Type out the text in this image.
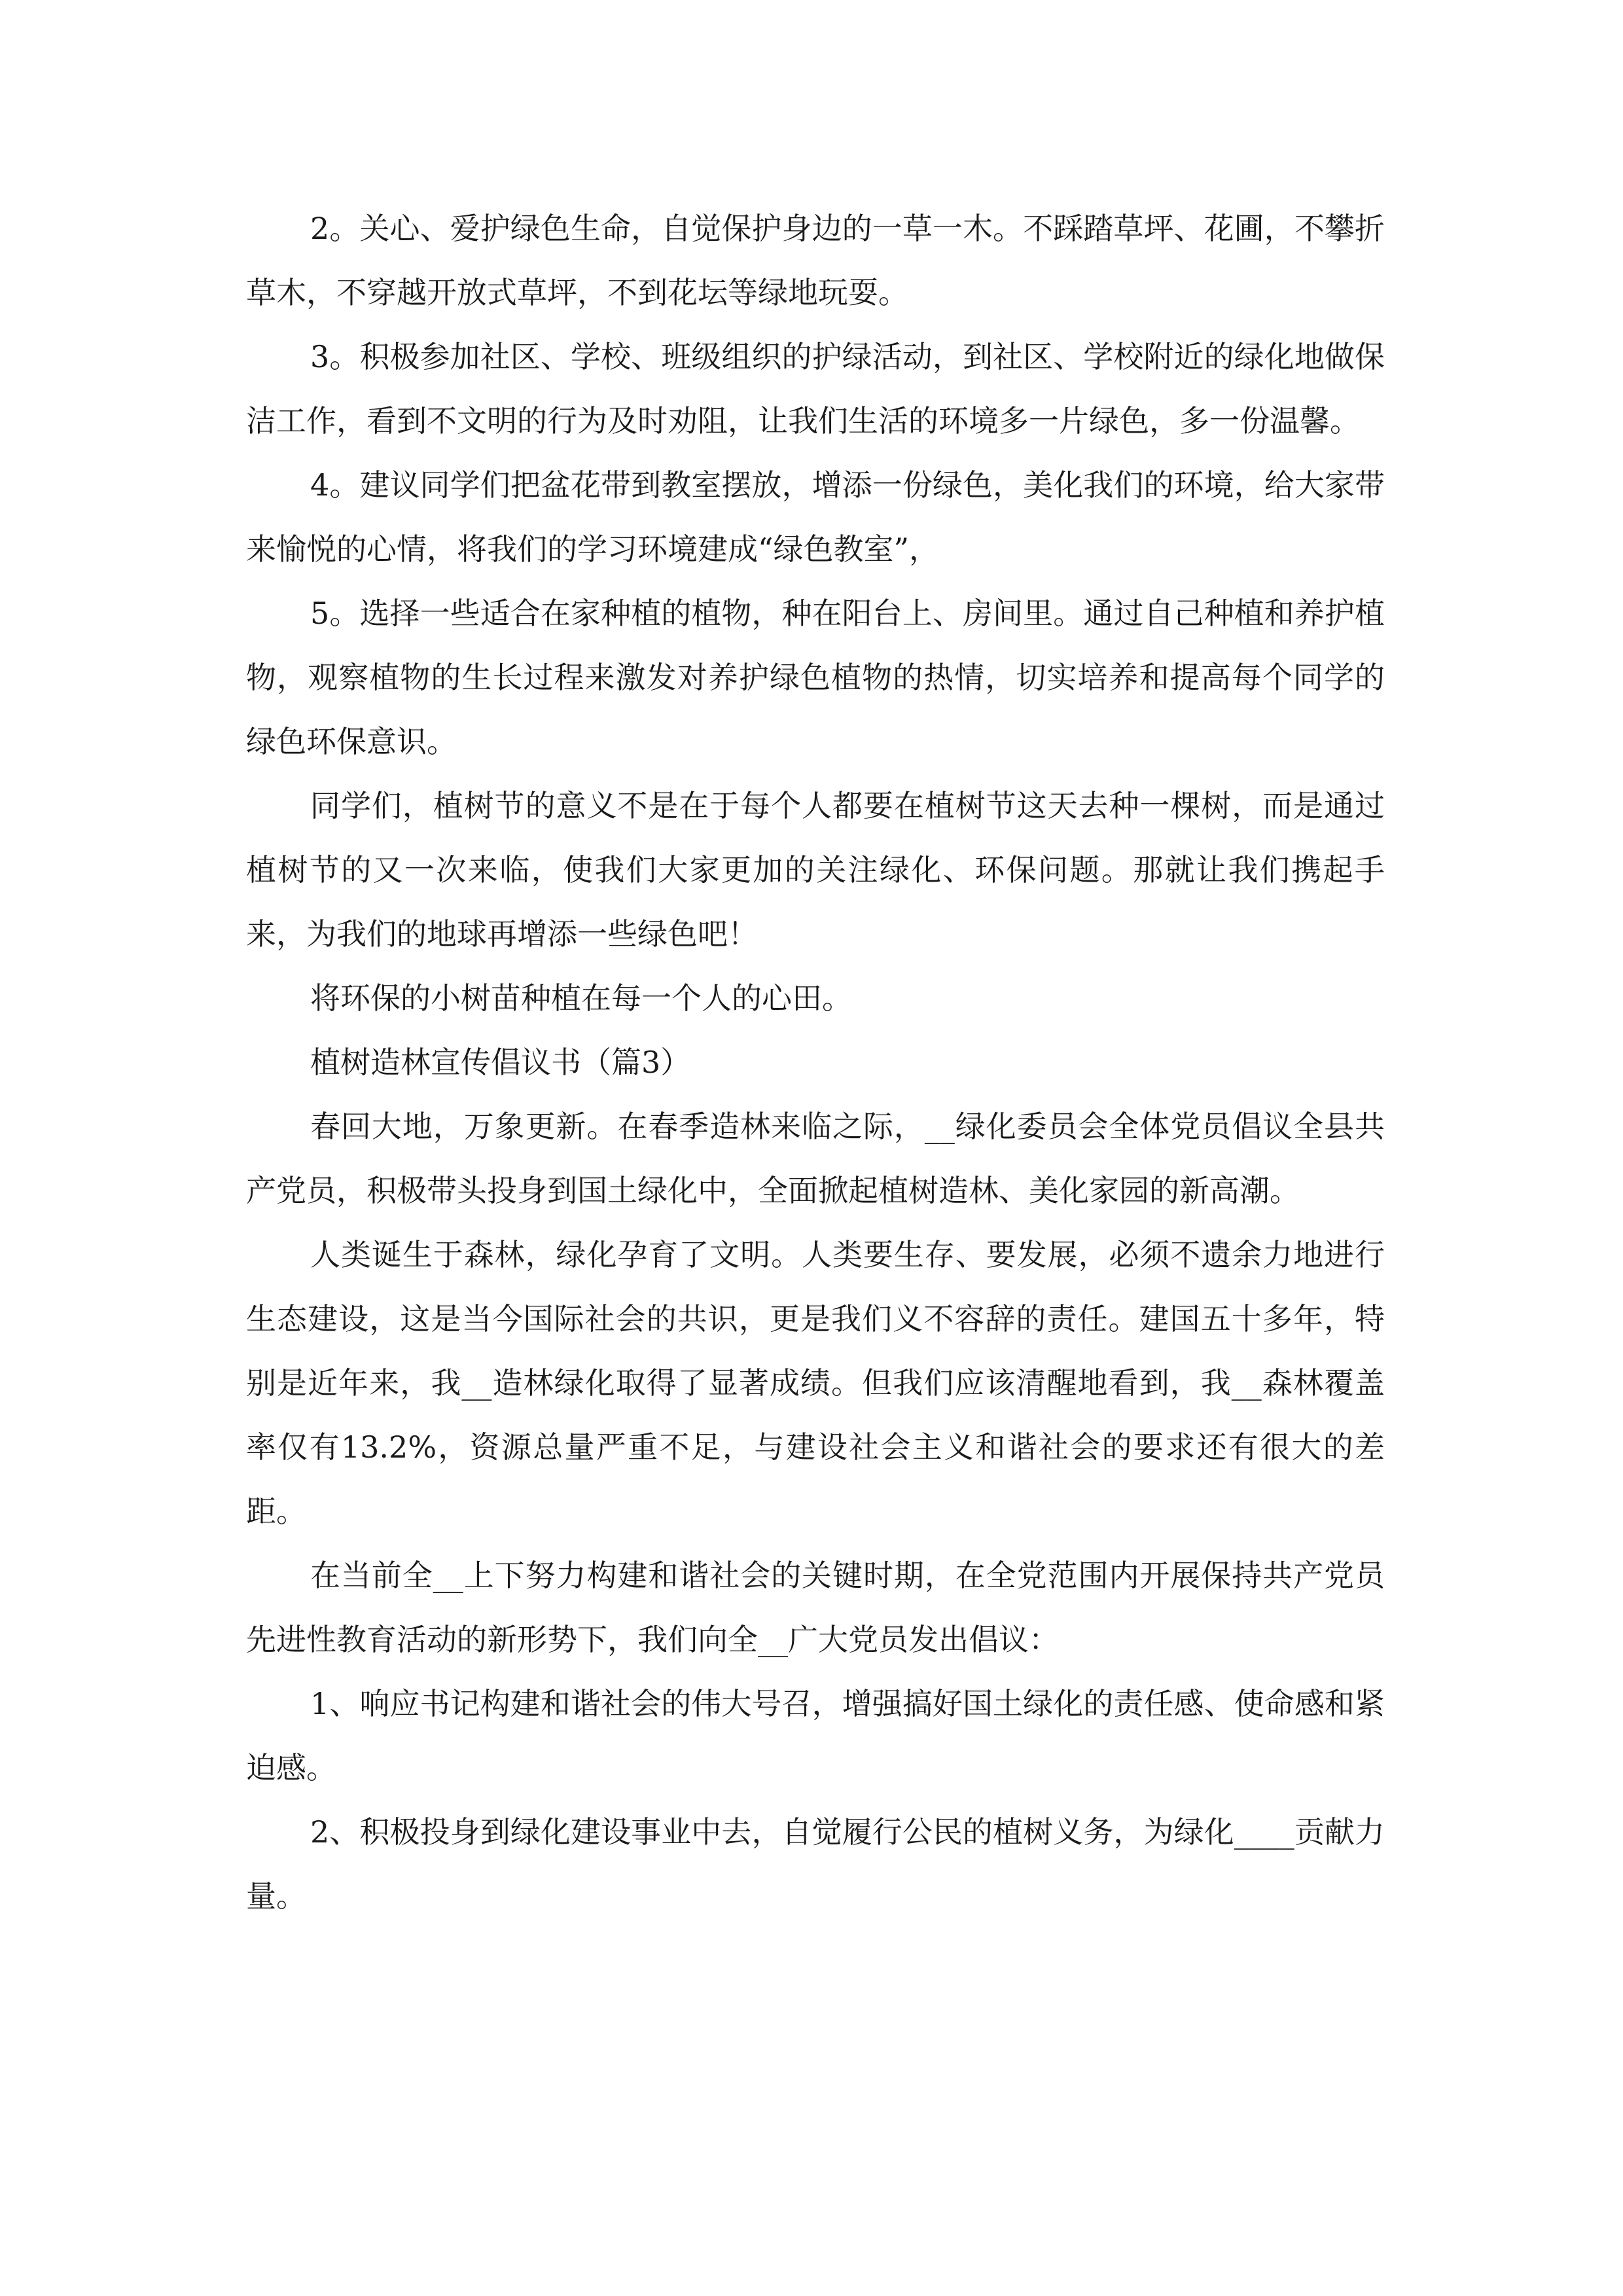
2。关心、爱护绿色生命，自觉保护身边的一草一木。不踩踏草坪、花圃，不攀折草木，不穿越开放式草坪，不到花坛等绿地玩耍。

3。积极参加社区、学校、班级组织的护绿活动，到社区、学校附近的绿化地做保洁工作，看到不文明的行为及时劝阻，让我们生活的环境多一片绿色，多一份温馨。

4。建议同学们把盆花带到教室摆放，增添一份绿色，美化我们的环境，给大家带来愉悦的心情，将我们的学习环境建成“绿色教室”，

5。选择一些适合在家种植的植物，种在阳台上、房间里。通过自己种植和养护植物，观察植物的生长过程来激发对养护绿色植物的热情，切实培养和提高每个同学的绿色环保意识。

同学们，植树节的意义不是在于每个人都要在植树节这天去种一棵树，而是通过植树节的又一次来临，使我们大家更加的关注绿化、环保问题。那就让我们携起手来，为我们的地球再增添一些绿色吧！

将环保的小树苗种植在每一个人的心田。

植树造林宣传倡议书（篇3）

春回大地，万象更新。在春季造林来临之际，__绿化委员会全体党员倡议全县共产党员，积极带头投身到国土绿化中，全面掀起植树造林、美化家园的新高潮。

人类诞生于森林，绿化孕育了文明。人类要生存、要发展，必须不遗余力地进行生态建设，这是当今国际社会的共识，更是我们义不容辞的责任。建国五十多年，特别是近年来，我__造林绿化取得了显著成绩。但我们应该清醒地看到，我__森林覆盖率仅有13.2%，资源总量严重不足，与建设社会主义和谐社会的要求还有很大的差距。

在当前全__上下努力构建和谐社会的关键时期，在全党范围内开展保持共产党员先进性教育活动的新形势下，我们向全__广大党员发出倡议：

1、响应书记构建和谐社会的伟大号召，增强搞好国土绿化的责任感、使命感和紧迫感。

2、积极投身到绿化建设事业中去，自觉履行公民的植树义务，为绿化____贡献力量。
